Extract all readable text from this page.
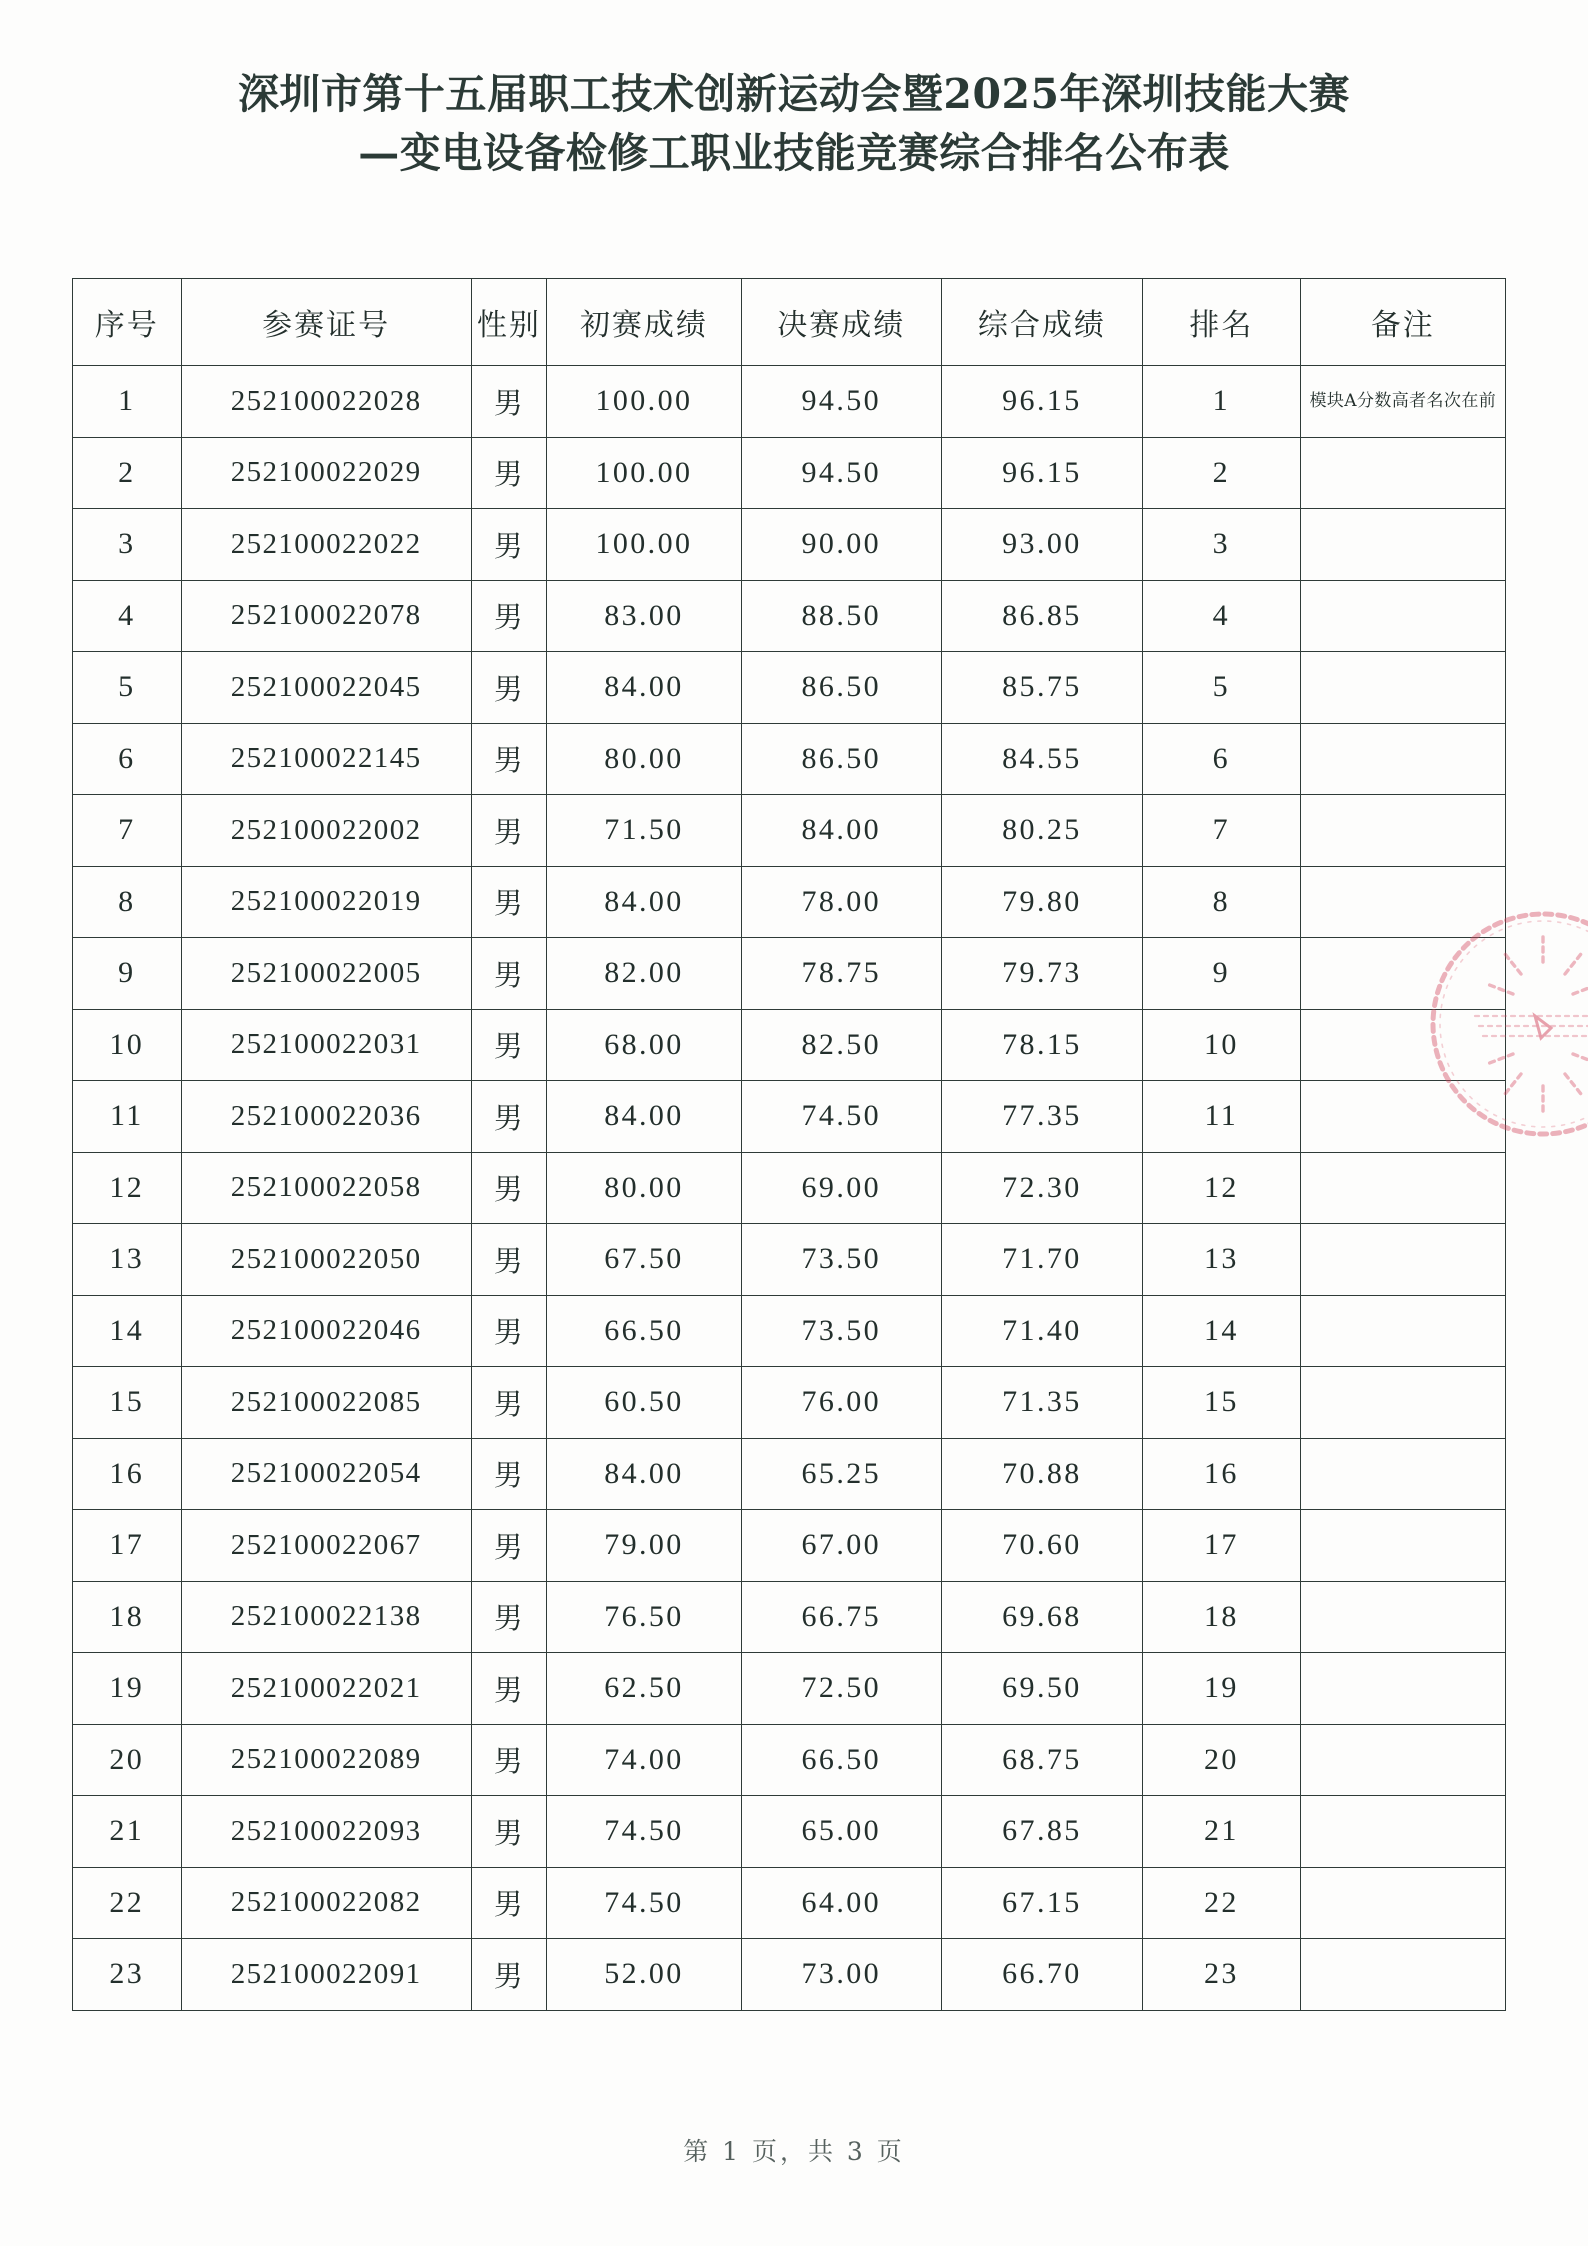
深圳市第十五届职工技术创新运动会暨2025年深圳技能大赛
—变电设备检修工职业技能竞赛综合排名公布表
序号	参赛证号	性别	初赛成绩	决赛成绩	综合成绩	排名	备注
1	252100022028	男	100.00	94.50	96.15	1	模块A分数高者名次在前
2	252100022029	男	100.00	94.50	96.15	2	
3	252100022022	男	100.00	90.00	93.00	3	
4	252100022078	男	83.00	88.50	86.85	4	
5	252100022045	男	84.00	86.50	85.75	5	
6	252100022145	男	80.00	86.50	84.55	6	
7	252100022002	男	71.50	84.00	80.25	7	
8	252100022019	男	84.00	78.00	79.80	8	
9	252100022005	男	82.00	78.75	79.73	9	
10	252100022031	男	68.00	82.50	78.15	10	
11	252100022036	男	84.00	74.50	77.35	11	
12	252100022058	男	80.00	69.00	72.30	12	
13	252100022050	男	67.50	73.50	71.70	13	
14	252100022046	男	66.50	73.50	71.40	14	
15	252100022085	男	60.50	76.00	71.35	15	
16	252100022054	男	84.00	65.25	70.88	16	
17	252100022067	男	79.00	67.00	70.60	17	
18	252100022138	男	76.50	66.75	69.68	18	
19	252100022021	男	62.50	72.50	69.50	19	
20	252100022089	男	74.00	66.50	68.75	20	
21	252100022093	男	74.50	65.00	67.85	21	
22	252100022082	男	74.50	64.00	67.15	22	
23	252100022091	男	52.00	73.00	66.70	23	
第 1 页，共 3 页
